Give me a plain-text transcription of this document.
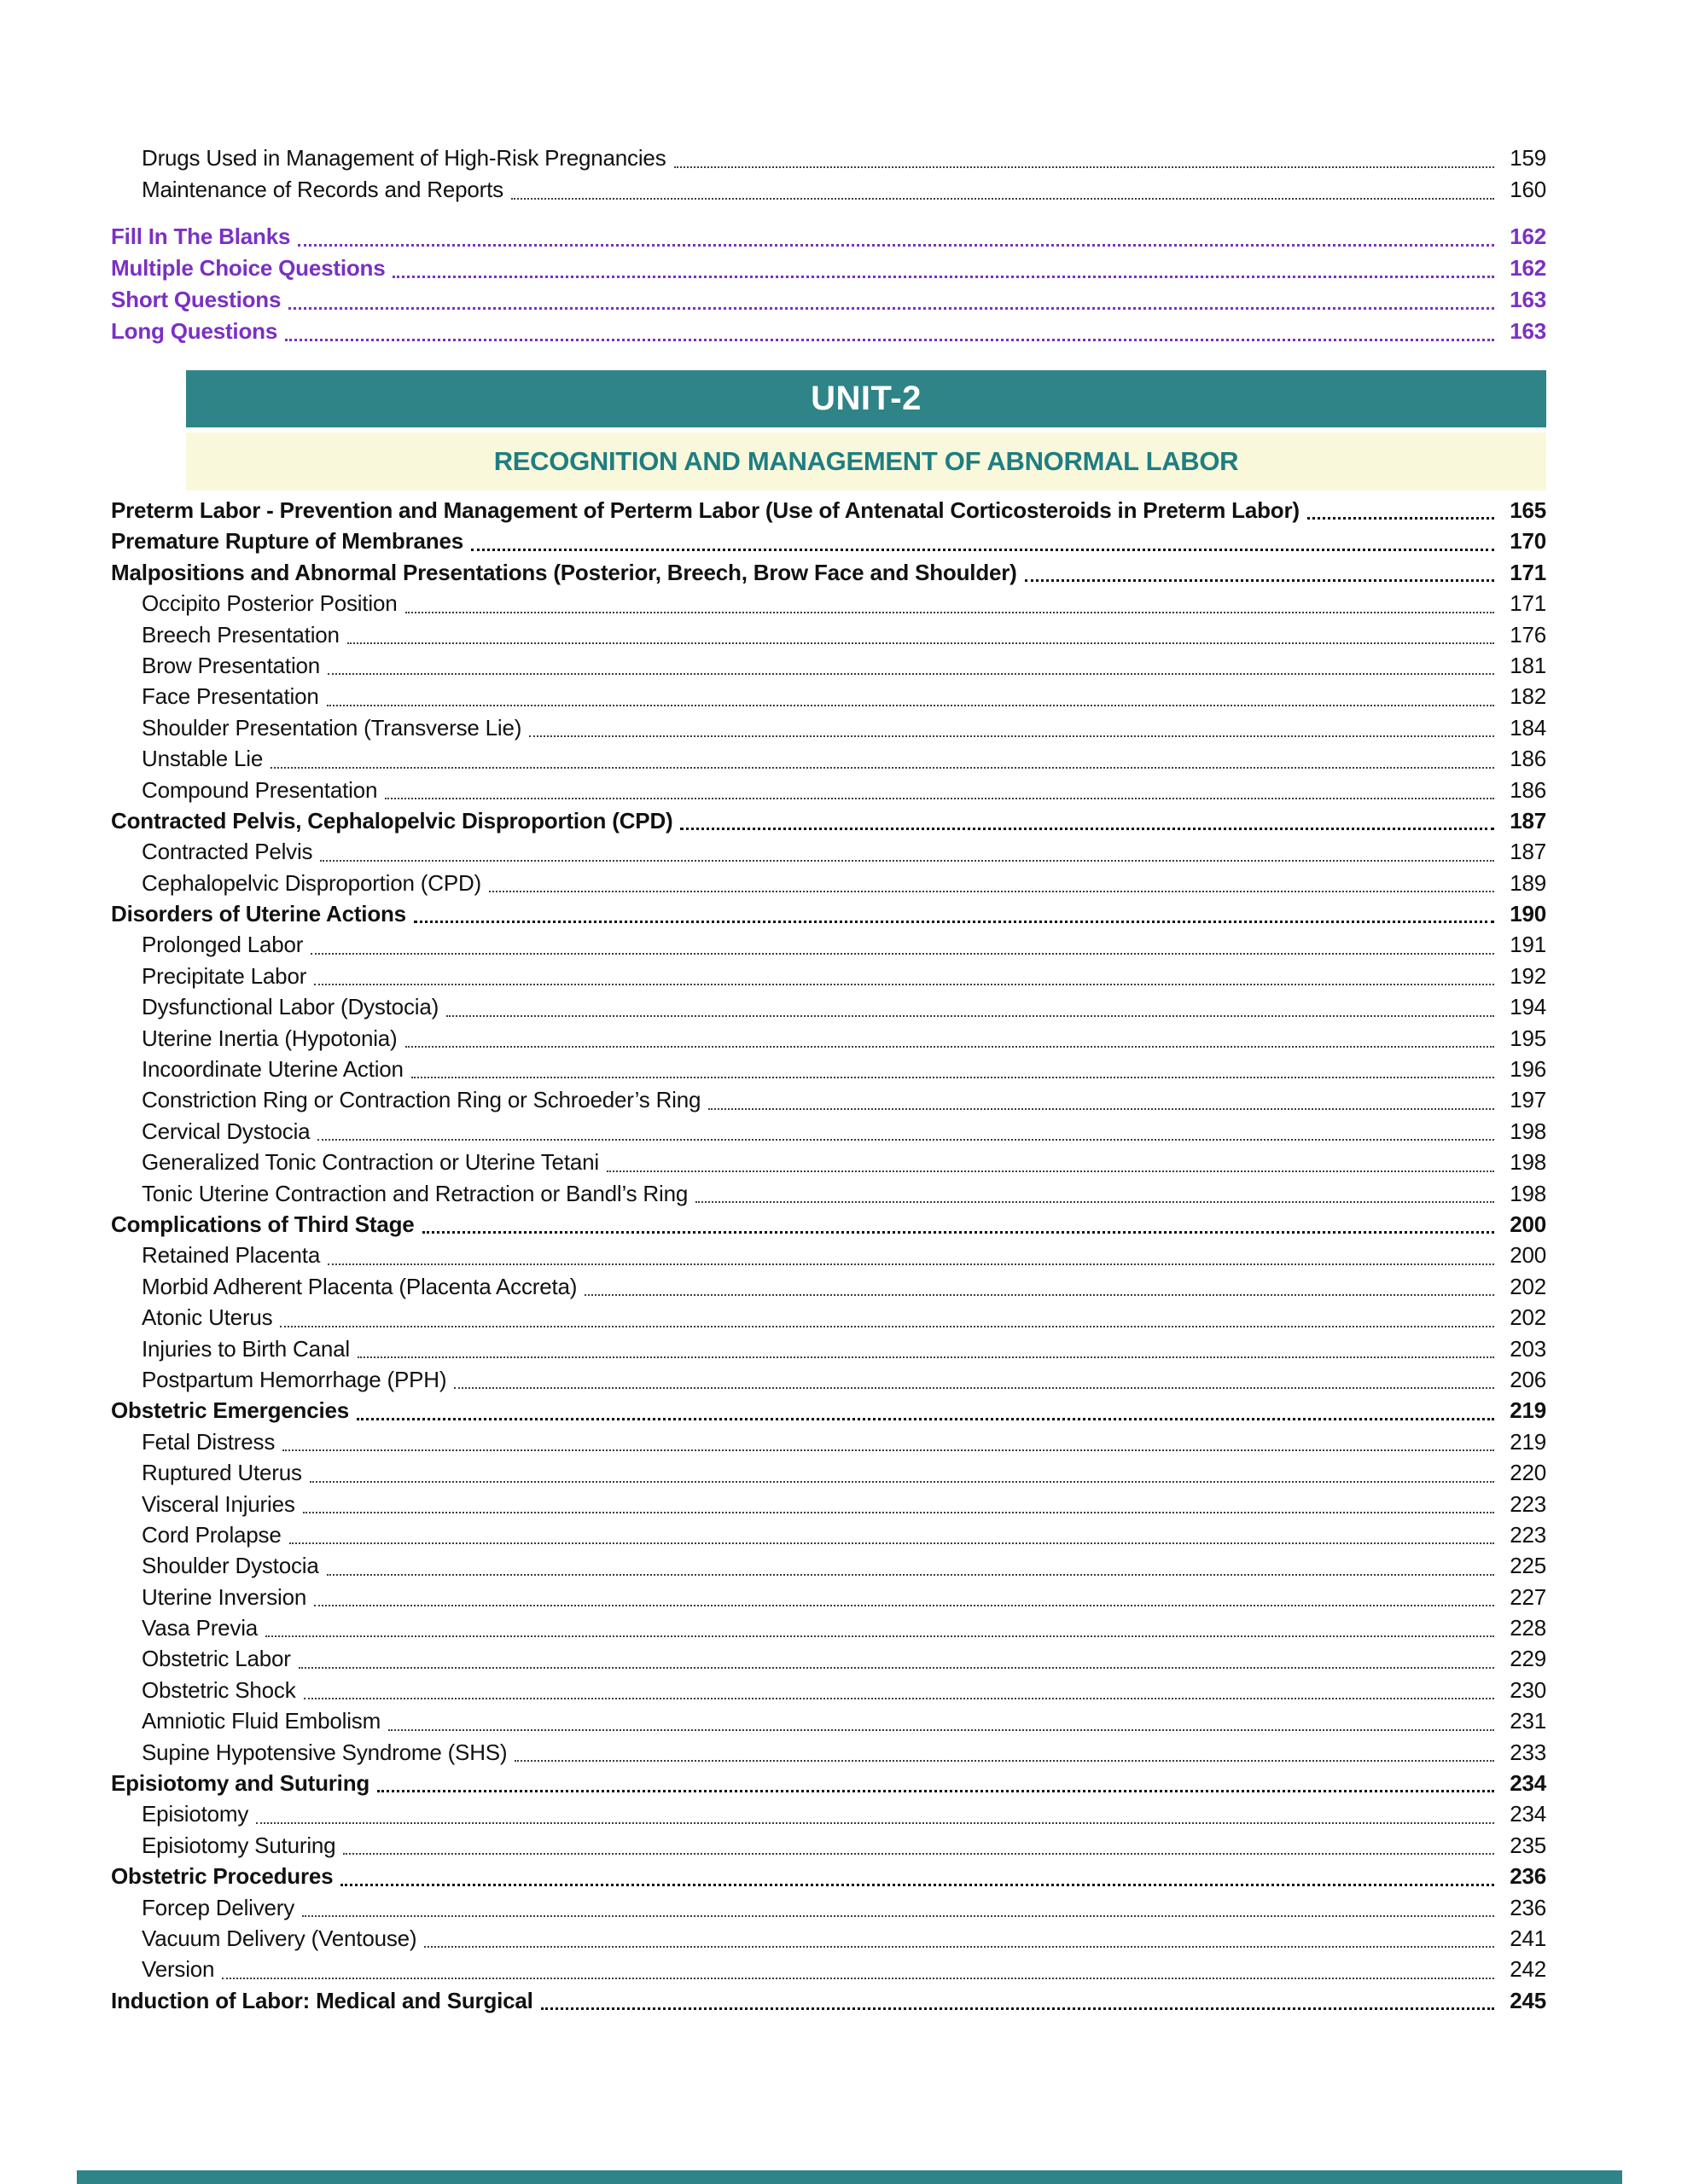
Drugs Used in Management of High-Risk Pregnancies	159
Maintenance of Records and Reports	160
Fill In The Blanks	162
Multiple Choice Questions	162
Short Questions	163
Long Questions	163
UNIT-2
RECOGNITION AND MANAGEMENT OF ABNORMAL LABOR
Preterm Labor - Prevention and Management of Perterm Labor (Use of Antenatal Corticosteroids in Preterm Labor)	165
Premature Rupture of Membranes	170
Malpositions and Abnormal Presentations (Posterior, Breech, Brow Face and Shoulder)	171
Occipito Posterior Position	171
Breech Presentation	176
Brow Presentation	181
Face Presentation	182
Shoulder Presentation (Transverse Lie)	184
Unstable Lie	186
Compound Presentation	186
Contracted Pelvis, Cephalopelvic Disproportion (CPD)	187
Contracted Pelvis	187
Cephalopelvic Disproportion (CPD)	189
Disorders of Uterine Actions	190
Prolonged Labor	191
Precipitate Labor	192
Dysfunctional Labor (Dystocia)	194
Uterine Inertia (Hypotonia)	195
Incoordinate Uterine Action	196
Constriction Ring or Contraction Ring or Schroeder’s Ring	197
Cervical Dystocia	198
Generalized Tonic Contraction or Uterine Tetani	198
Tonic Uterine Contraction and Retraction or Bandl’s Ring	198
Complications of Third Stage	200
Retained Placenta	200
Morbid Adherent Placenta (Placenta Accreta)	202
Atonic Uterus	202
Injuries to Birth Canal	203
Postpartum Hemorrhage (PPH)	206
Obstetric Emergencies	219
Fetal Distress	219
Ruptured Uterus	220
Visceral Injuries	223
Cord Prolapse	223
Shoulder Dystocia	225
Uterine Inversion	227
Vasa Previa	228
Obstetric Labor	229
Obstetric Shock	230
Amniotic Fluid Embolism	231
Supine Hypotensive Syndrome (SHS)	233
Episiotomy and Suturing	234
Episiotomy	234
Episiotomy Suturing	235
Obstetric Procedures	236
Forcep Delivery	236
Vacuum Delivery (Ventouse)	241
Version	242
Induction of Labor: Medical and Surgical	245
